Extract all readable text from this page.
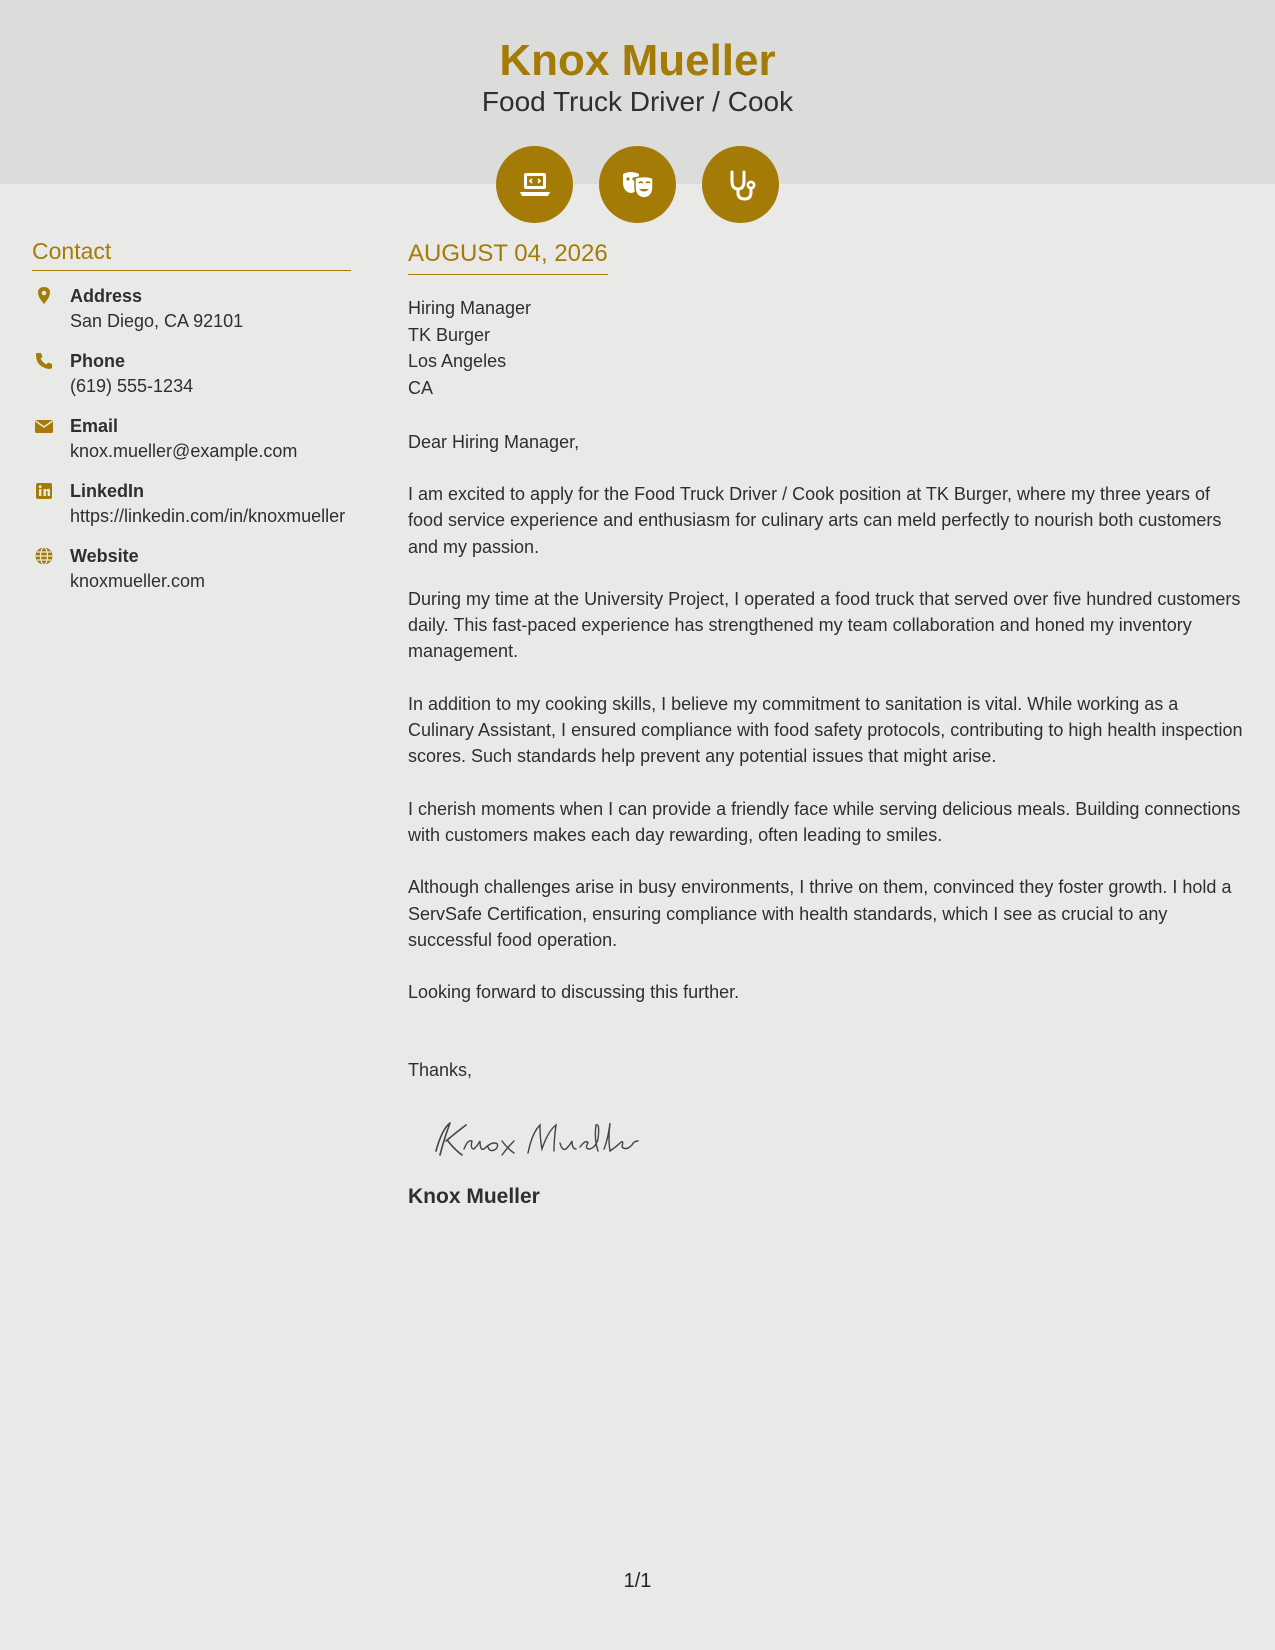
Knox Mueller
Food Truck Driver / Cook
Contact
Address
San Diego, CA 92101
Phone
(619) 555-1234
Email
knox.mueller@example.com
LinkedIn
https://linkedin.com/in/knoxmueller
Website
knoxmueller.com
AUGUST 04, 2026
Hiring Manager
TK Burger
Los Angeles
CA
Dear Hiring Manager,
I am excited to apply for the Food Truck Driver / Cook position at TK Burger, where my three years of food service experience and enthusiasm for culinary arts can meld perfectly to nourish both customers and my passion.
During my time at the University Project, I operated a food truck that served over five hundred customers daily. This fast-paced experience has strengthened my team collaboration and honed my inventory management.
In addition to my cooking skills, I believe my commitment to sanitation is vital. While working as a Culinary Assistant, I ensured compliance with food safety protocols, contributing to high health inspection scores. Such standards help prevent any potential issues that might arise.
I cherish moments when I can provide a friendly face while serving delicious meals. Building connections with customers makes each day rewarding, often leading to smiles.
Although challenges arise in busy environments, I thrive on them, convinced they foster growth. I hold a ServSafe Certification, ensuring compliance with health standards, which I see as crucial to any successful food operation.
Looking forward to discussing this further.
Thanks,
Knox Mueller
1/1
